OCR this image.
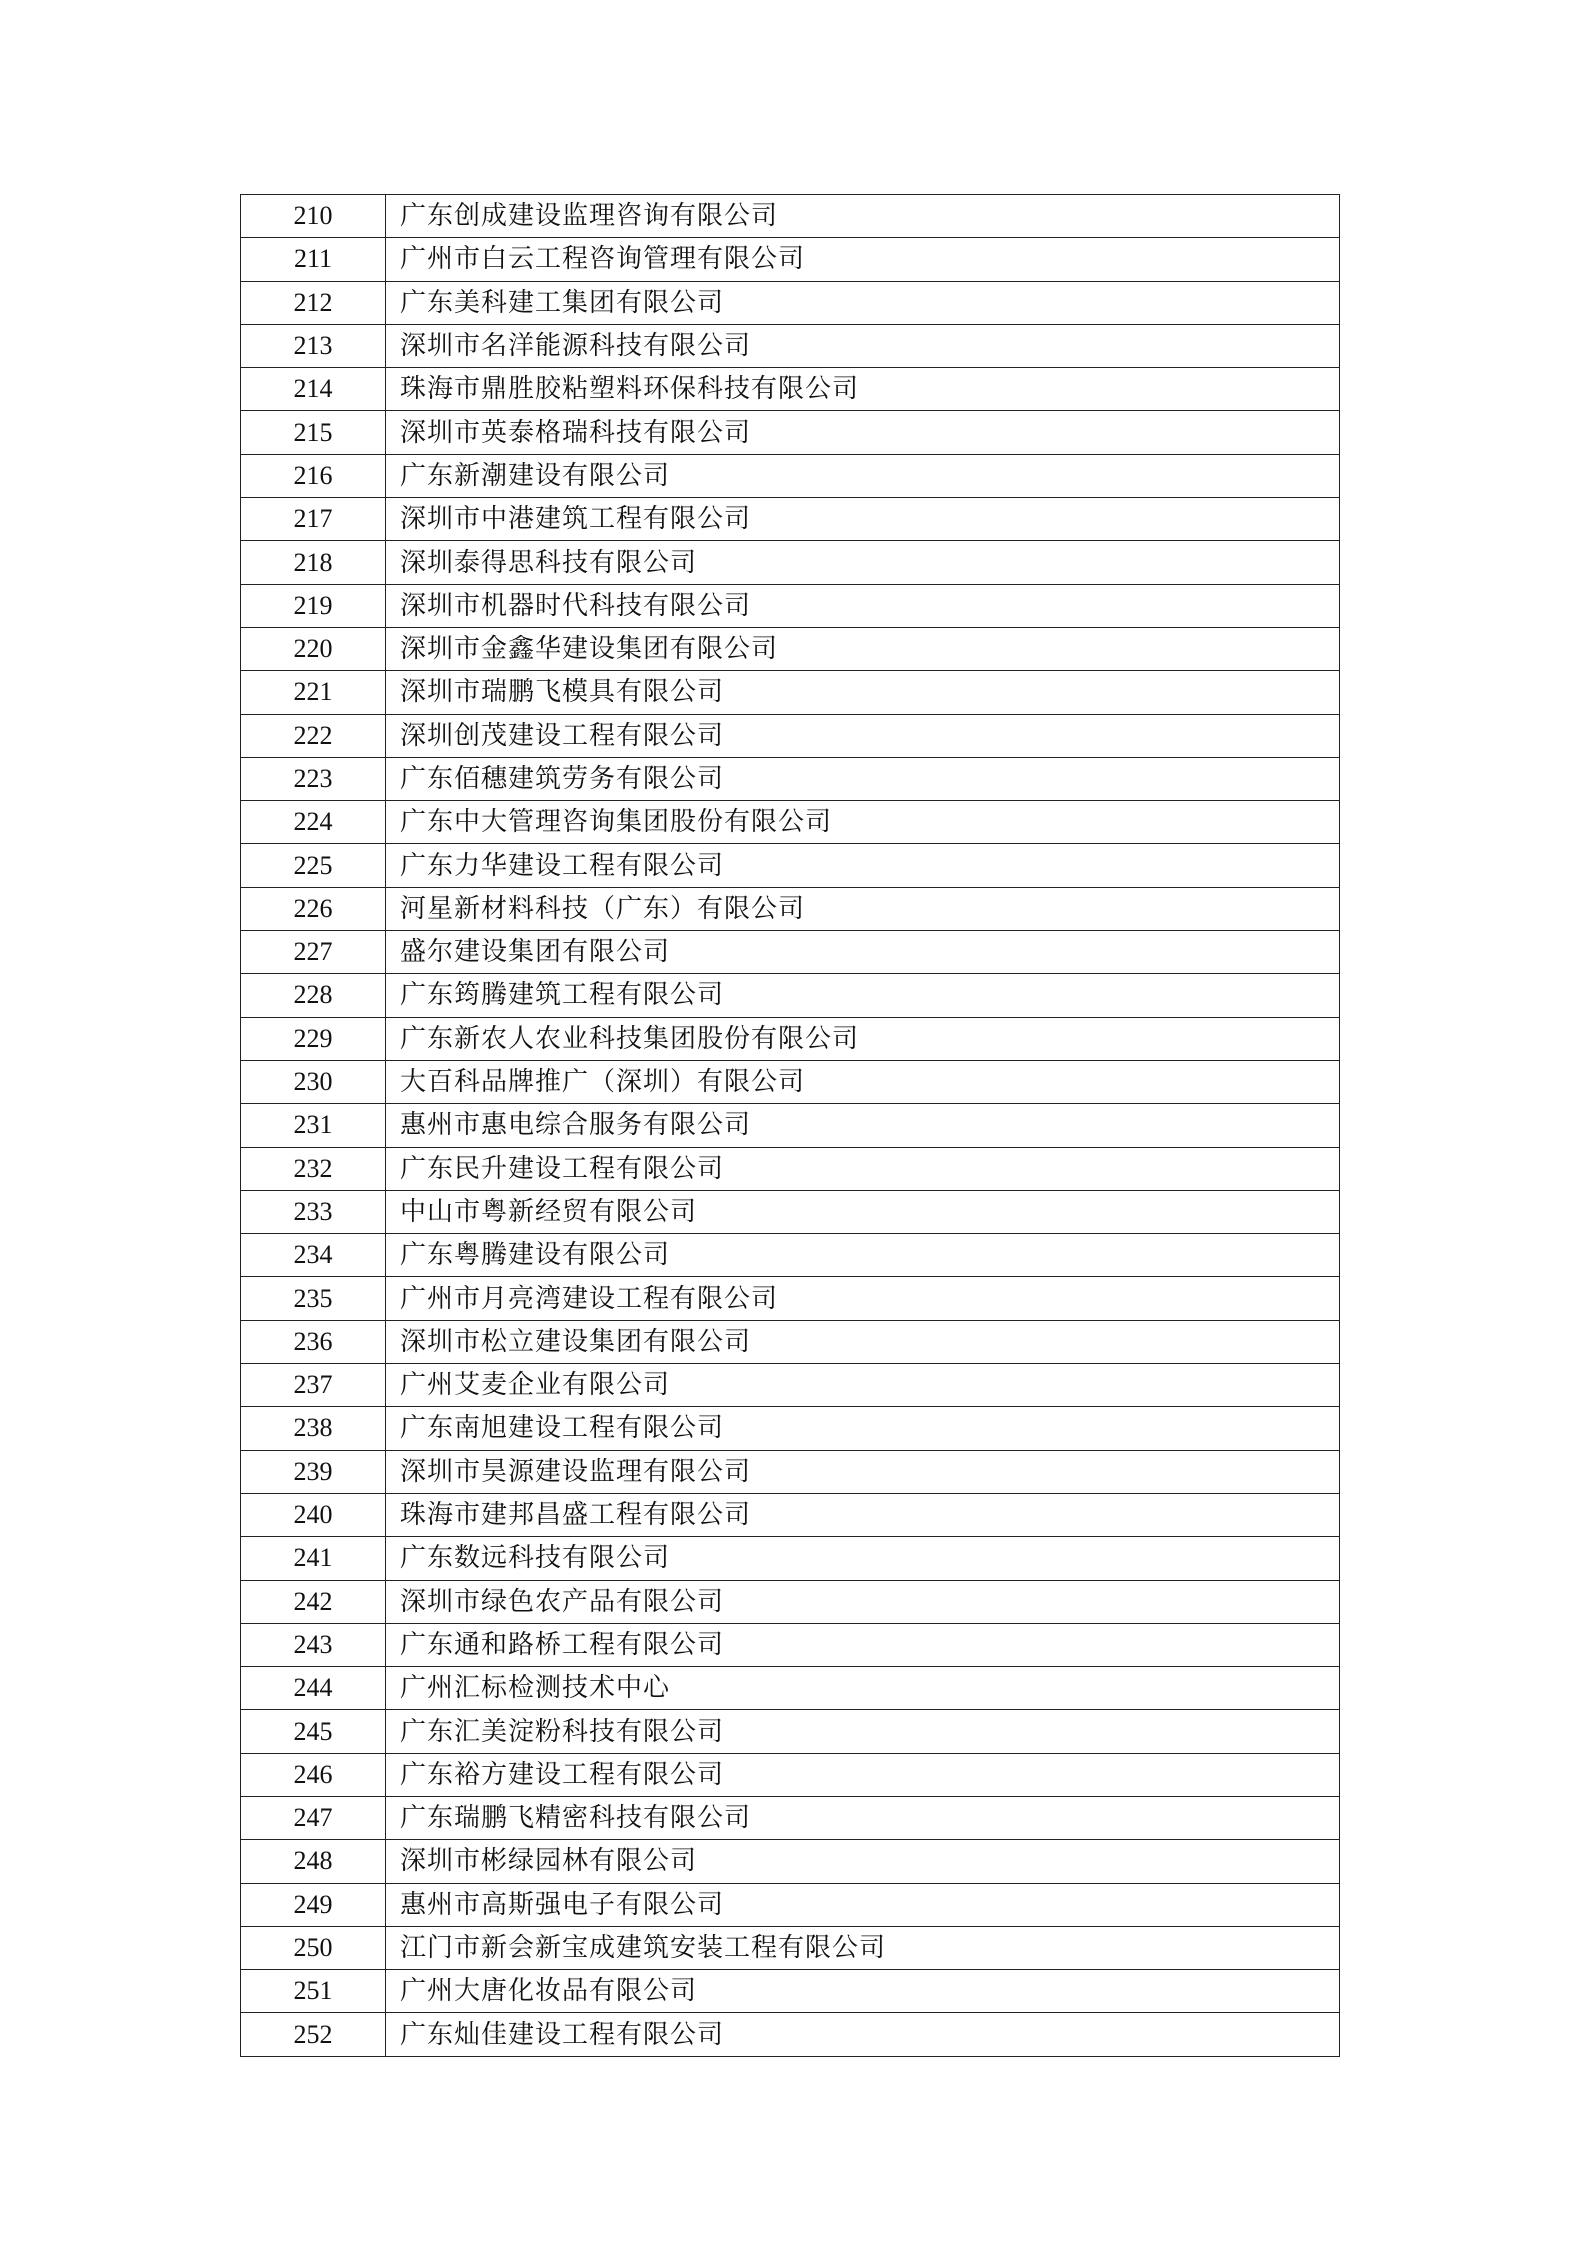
210	广东创成建设监理咨询有限公司
211	广州市白云工程咨询管理有限公司
212	广东美科建工集团有限公司
213	深圳市名洋能源科技有限公司
214	珠海市鼎胜胶粘塑料环保科技有限公司
215	深圳市英泰格瑞科技有限公司
216	广东新潮建设有限公司
217	深圳市中港建筑工程有限公司
218	深圳泰得思科技有限公司
219	深圳市机器时代科技有限公司
220	深圳市金鑫华建设集团有限公司
221	深圳市瑞鹏飞模具有限公司
222	深圳创茂建设工程有限公司
223	广东佰穗建筑劳务有限公司
224	广东中大管理咨询集团股份有限公司
225	广东力华建设工程有限公司
226	河星新材料科技（广东）有限公司
227	盛尔建设集团有限公司
228	广东筠腾建筑工程有限公司
229	广东新农人农业科技集团股份有限公司
230	大百科品牌推广（深圳）有限公司
231	惠州市惠电综合服务有限公司
232	广东民升建设工程有限公司
233	中山市粤新经贸有限公司
234	广东粤腾建设有限公司
235	广州市月亮湾建设工程有限公司
236	深圳市松立建设集团有限公司
237	广州艾麦企业有限公司
238	广东南旭建设工程有限公司
239	深圳市昊源建设监理有限公司
240	珠海市建邦昌盛工程有限公司
241	广东数远科技有限公司
242	深圳市绿色农产品有限公司
243	广东通和路桥工程有限公司
244	广州汇标检测技术中心
245	广东汇美淀粉科技有限公司
246	广东裕方建设工程有限公司
247	广东瑞鹏飞精密科技有限公司
248	深圳市彬绿园林有限公司
249	惠州市高斯强电子有限公司
250	江门市新会新宝成建筑安装工程有限公司
251	广州大唐化妆品有限公司
252	广东灿佳建设工程有限公司
